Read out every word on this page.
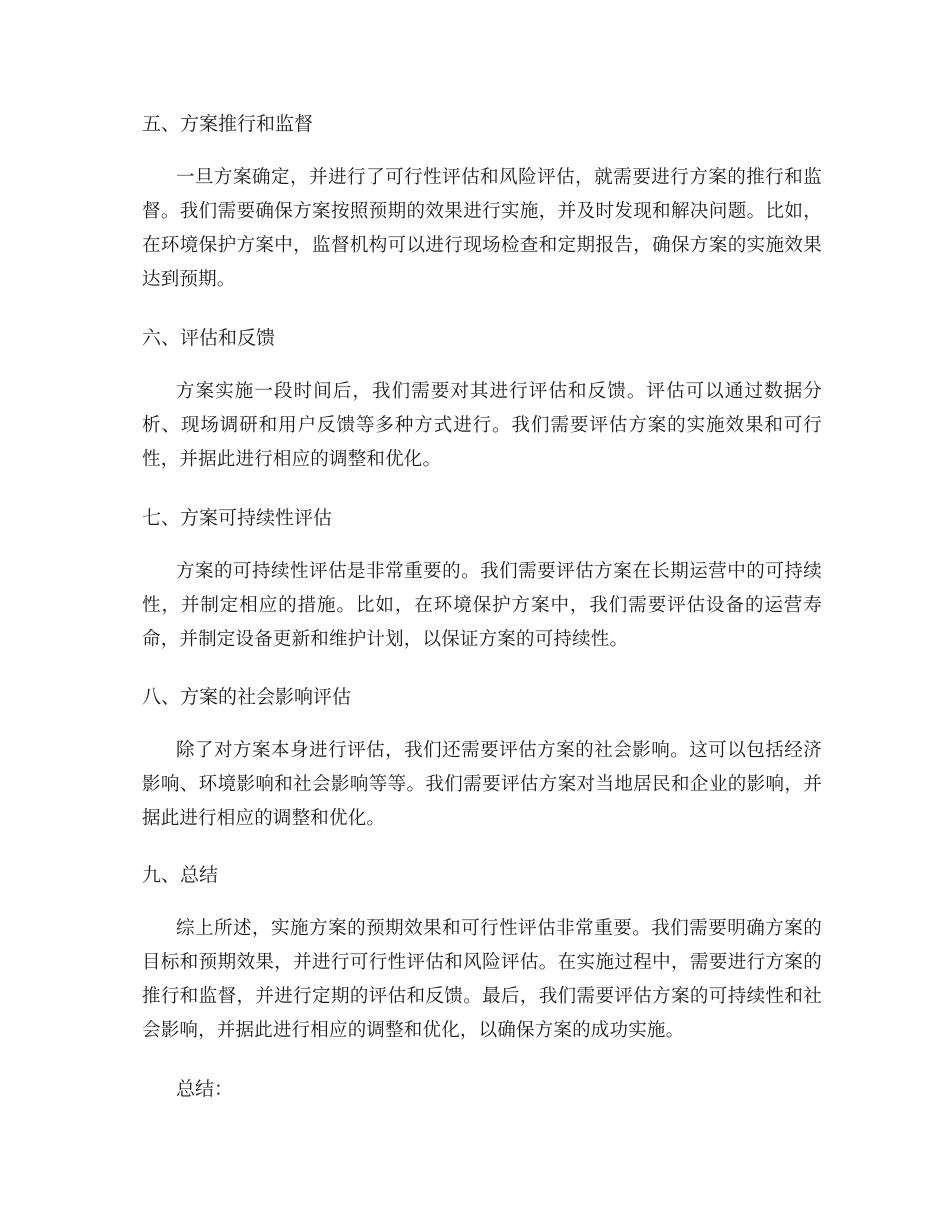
五、方案推行和监督
一旦方案确定，并进行了可行性评估和风险评估，就需要进行方案的推行和监督。我们需要确保方案按照预期的效果进行实施，并及时发现和解决问题。比如，在环境保护方案中，监督机构可以进行现场检查和定期报告，确保方案的实施效果达到预期。
六、评估和反馈
方案实施一段时间后，我们需要对其进行评估和反馈。评估可以通过数据分析、现场调研和用户反馈等多种方式进行。我们需要评估方案的实施效果和可行性，并据此进行相应的调整和优化。
七、方案可持续性评估
方案的可持续性评估是非常重要的。我们需要评估方案在长期运营中的可持续性，并制定相应的措施。比如，在环境保护方案中，我们需要评估设备的运营寿命，并制定设备更新和维护计划，以保证方案的可持续性。
八、方案的社会影响评估
除了对方案本身进行评估，我们还需要评估方案的社会影响。这可以包括经济影响、环境影响和社会影响等等。我们需要评估方案对当地居民和企业的影响，并据此进行相应的调整和优化。
九、总结
综上所述，实施方案的预期效果和可行性评估非常重要。我们需要明确方案的目标和预期效果，并进行可行性评估和风险评估。在实施过程中，需要进行方案的推行和监督，并进行定期的评估和反馈。最后，我们需要评估方案的可持续性和社会影响，并据此进行相应的调整和优化，以确保方案的成功实施。
总结：
